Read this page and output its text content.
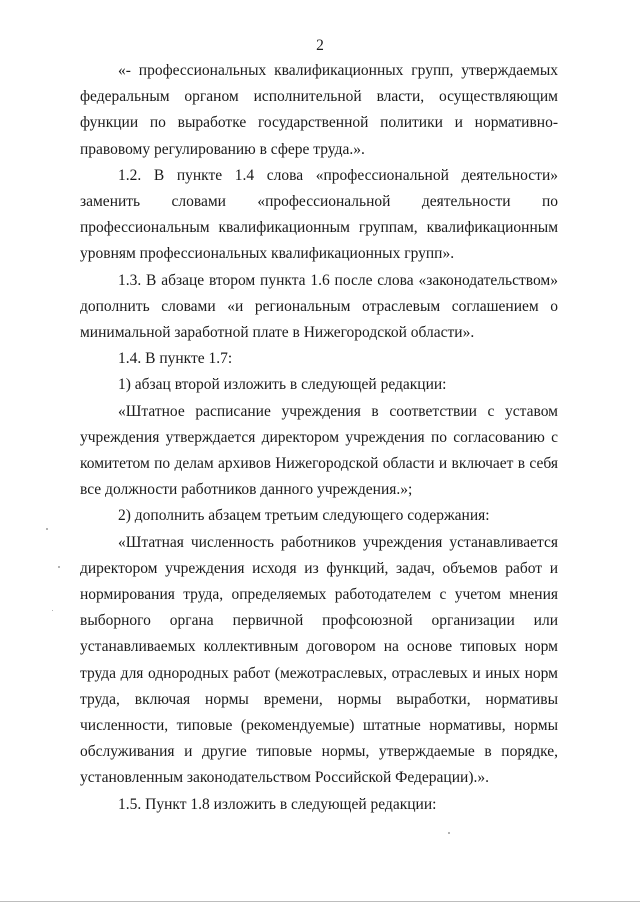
2

«- профессиональных квалификационных групп, утверждаемых федеральным органом исполнительной власти, осуществляющим функции по выработке государственной политики и нормативно-правовому регулированию в сфере труда.».

1.2. В пункте 1.4 слова «профессиональной деятельности» заменить словами «профессиональной деятельности по профессиональным квалификационным группам, квалификационным уровням профессиональных квалификационных групп».

1.3. В абзаце втором пункта 1.6 после слова «законодательством» дополнить словами «и региональным отраслевым соглашением о минимальной заработной плате в Нижегородской области».

1.4. В пункте 1.7:

1) абзац второй изложить в следующей редакции:

«Штатное расписание учреждения в соответствии с уставом учреждения утверждается директором учреждения по согласованию с комитетом по делам архивов Нижегородской области и включает в себя все должности работников данного учреждения.»;

2) дополнить абзацем третьим следующего содержания:

«Штатная численность работников учреждения устанавливается директором учреждения исходя из функций, задач, объемов работ и нормирования труда, определяемых работодателем с учетом мнения выборного органа первичной профсоюзной организации или устанавливаемых коллективным договором на основе типовых норм труда для однородных работ (межотраслевых, отраслевых и иных норм труда, включая нормы времени, нормы выработки, нормативы численности, типовые (рекомендуемые) штатные нормативы, нормы обслуживания и другие типовые нормы, утверждаемые в порядке, установленным законодательством Российской Федерации).».

1.5. Пункт 1.8 изложить в следующей редакции:
